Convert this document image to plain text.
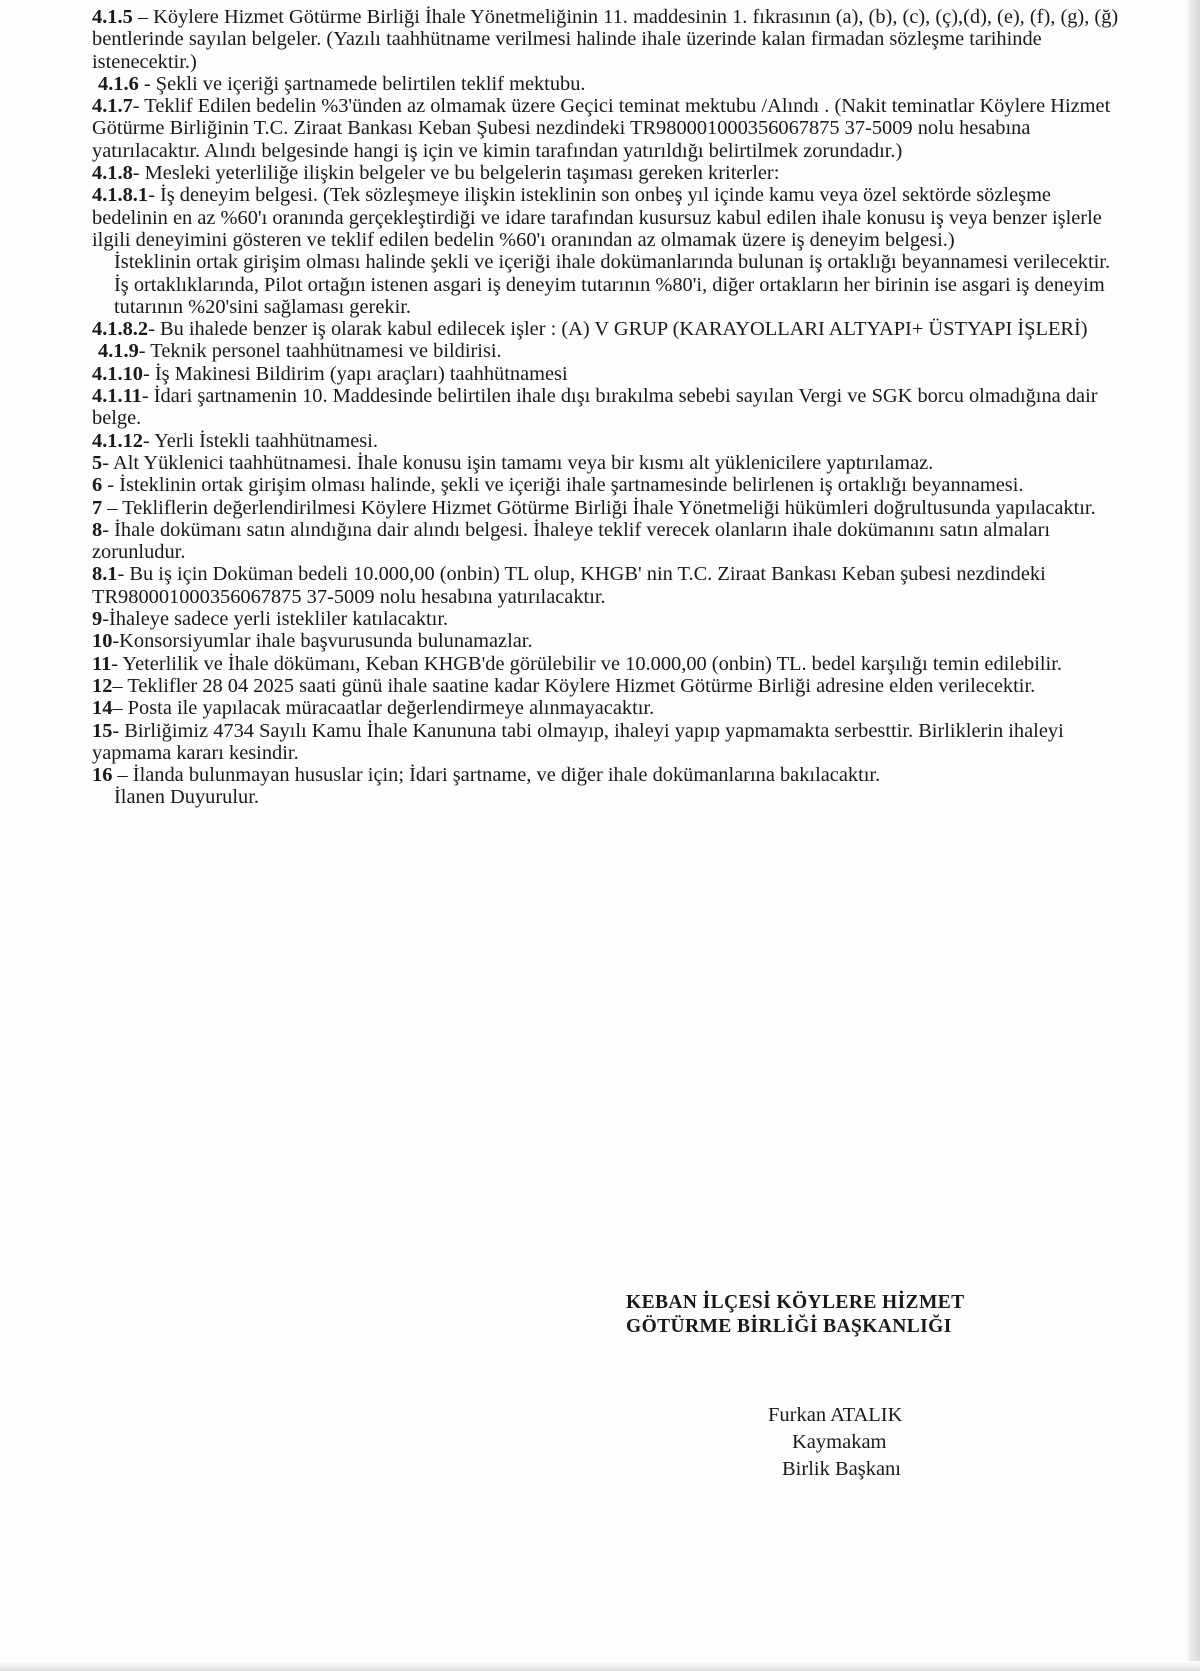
4.1.5 – Köylere Hizmet Götürme Birliği İhale Yönetmeliğinin 11. maddesinin 1. fıkrasının (a), (b), (c), (ç),(d), (e), (f), (g), (ğ) bentlerinde sayılan belgeler. (Yazılı taahhütname verilmesi halinde ihale üzerinde kalan firmadan sözleşme tarihinde istenecektir.)

4.1.6 - Şekli ve içeriği şartnamede belirtilen teklif mektubu.

4.1.7- Teklif Edilen bedelin %3'ünden az olmamak üzere Geçici teminat mektubu /Alındı . (Nakit teminatlar Köylere Hizmet Götürme Birliğinin T.C. Ziraat Bankası Keban Şubesi nezdindeki TR980001000356067875 37-5009 nolu hesabına yatırılacaktır. Alındı belgesinde hangi iş için ve kimin tarafından yatırıldığı belirtilmek zorundadır.)

4.1.8- Mesleki yeterliliğe ilişkin belgeler ve bu belgelerin taşıması gereken kriterler:

4.1.8.1- İş deneyim belgesi. (Tek sözleşmeye ilişkin isteklinin son onbeş yıl içinde kamu veya özel sektörde sözleşme bedelinin en az %60'ı oranında gerçekleştirdiği ve idare tarafından kusursuz kabul edilen ihale konusu iş veya benzer işlerle ilgili deneyimini gösteren ve teklif edilen bedelin %60'ı oranından az olmamak üzere iş deneyim belgesi.)

İsteklinin ortak girişim olması halinde şekli ve içeriği ihale dokümanlarında bulunan iş ortaklığı beyannamesi verilecektir. İş ortaklıklarında, Pilot ortağın istenen asgari iş deneyim tutarının %80'i, diğer ortakların her birinin ise asgari iş deneyim tutarının %20'sini sağlaması gerekir.

4.1.8.2- Bu ihalede benzer iş olarak kabul edilecek işler : (A) V GRUP (KARAYOLLARI ALTYAPI+ ÜSTYAPI İŞLERİ)

4.1.9- Teknik personel taahhütnamesi ve bildirisi.

4.1.10- İş Makinesi Bildirim (yapı araçları) taahhütnamesi

4.1.11- İdari şartnamenin 10. Maddesinde belirtilen ihale dışı bırakılma sebebi sayılan Vergi ve SGK borcu olmadığına dair belge.

4.1.12- Yerli İstekli taahhütnamesi.

5- Alt Yüklenici taahhütnamesi. İhale konusu işin tamamı veya bir kısmı alt yüklenicilere yaptırılamaz.

6 - İsteklinin ortak girişim olması halinde, şekli ve içeriği ihale şartnamesinde belirlenen iş ortaklığı beyannamesi.

7 – Tekliflerin değerlendirilmesi Köylere Hizmet Götürme Birliği İhale Yönetmeliği hükümleri doğrultusunda yapılacaktır.

8- İhale dokümanı satın alındığına dair alındı belgesi. İhaleye teklif verecek olanların ihale dokümanını satın almaları zorunludur.

8.1- Bu iş için Doküman bedeli 10.000,00 (onbin) TL olup, KHGB' nin T.C. Ziraat Bankası Keban şubesi nezdindeki TR980001000356067875 37-5009 nolu hesabına yatırılacaktır.

9-İhaleye sadece yerli istekliler katılacaktır.

10-Konsorsiyumlar ihale başvurusunda bulunamazlar.

11- Yeterlilik ve İhale dökümanı, Keban KHGB'de görülebilir ve 10.000,00 (onbin) TL. bedel karşılığı temin edilebilir.

12– Teklifler 28 04 2025 saati günü ihale saatine kadar Köylere Hizmet Götürme Birliği adresine elden verilecektir.

14– Posta ile yapılacak müracaatlar değerlendirmeye alınmayacaktır.

15- Birliğimiz 4734 Sayılı Kamu İhale Kanununa tabi olmayıp, ihaleyi yapıp yapmamakta serbesttir. Birliklerin ihaleyi yapmama kararı kesindir.

16 – İlanda bulunmayan hususlar için; İdari şartname, ve diğer ihale dokümanlarına bakılacaktır.

İlanen Duyurulur.

KEBAN İLÇESİ KÖYLERE HİZMET
GÖTÜRME BİRLİĞİ BAŞKANLIĞI
Furkan ATALIK
Kaymakam
Birlik Başkanı
